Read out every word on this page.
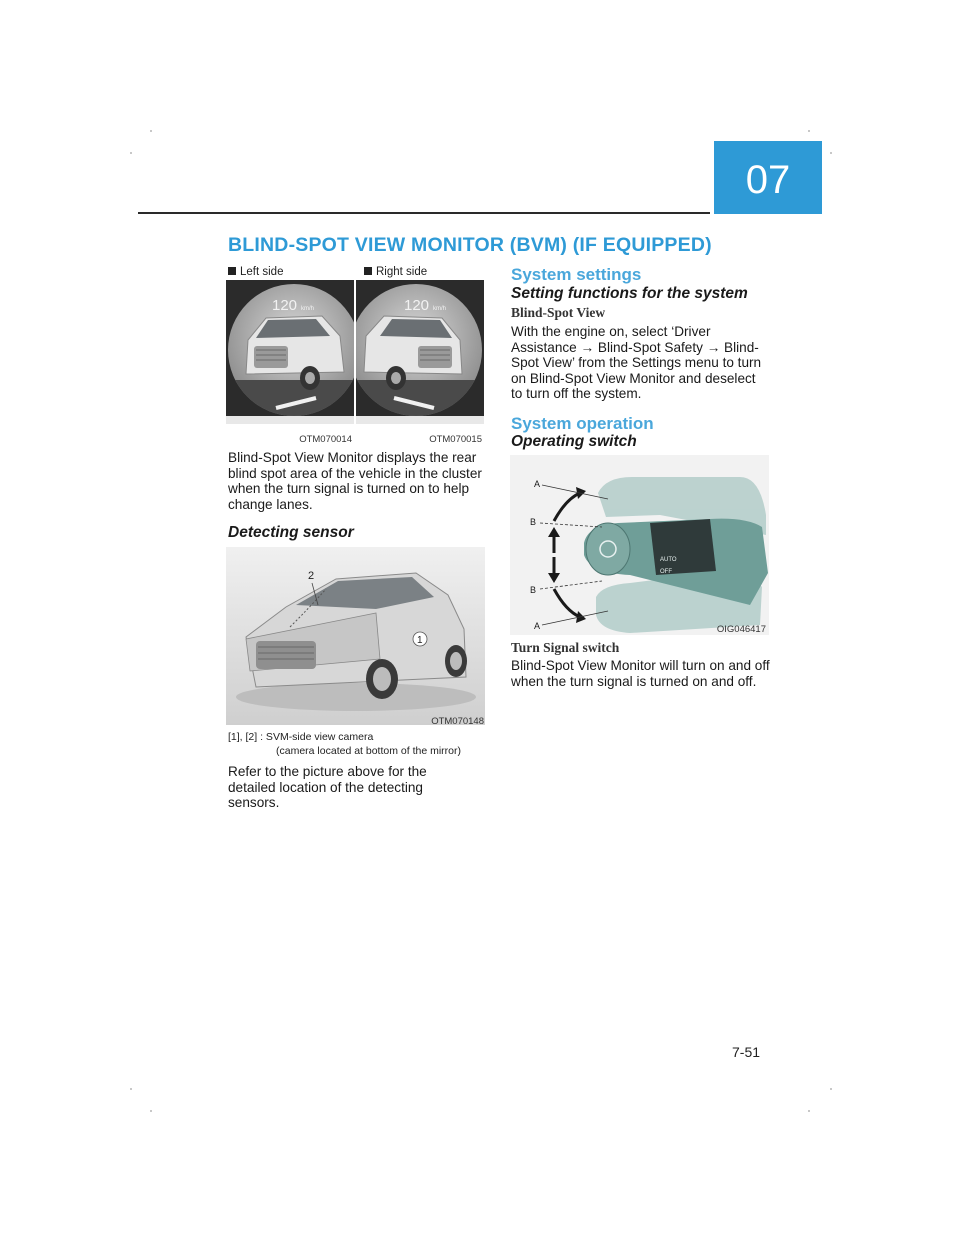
07
BLIND-SPOT VIEW MONITOR (BVM) (IF EQUIPPED)
Left side	Right side
120 km/h	120 km/h
OTM070014	OTM070015
Blind-Spot View Monitor displays the rear blind spot area of the vehicle in the cluster when the turn signal is turned on to help change lanes.
Detecting sensor
1
2
OTM070148
[1], [2] : SVM-side view camera
(camera located at bottom of the mirror)
Refer to the picture above for the detailed location of the detecting sensors.
System settings
Setting functions for the system
Blind-Spot View
With the engine on, select ‘Driver Assistance → Blind-Spot Safety → Blind-Spot View’ from the Settings menu to turn on Blind-Spot View Monitor and deselect to turn off the system.
System operation
Operating switch
OFF
AUTO
A
B
B
A	OIG046417
Turn Signal switch
Blind-Spot View Monitor will turn on and off when the turn signal is turned on and off.
7-51
